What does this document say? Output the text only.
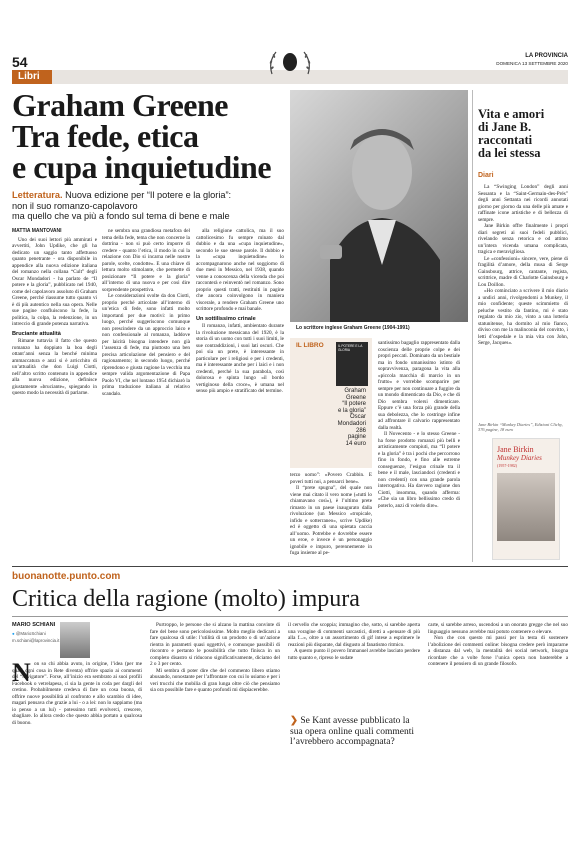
54	LA PROVINCIA
DOMENICA 13 SETTEMBRE 2020
Libri
Graham Greene
Tra fede, etica
e cupa inquietudine
Letteratura. Nuova edizione per “Il potere e la gloria”:
non il suo romanzo-capolavoro
ma quello che va più a fondo sul tema di bene e male
Lo scrittore inglese Graham Greene (1904-1991)
IL LIBRO	IL POTERE E LA GLORIA
Graham
Greene
“Il potere
e la gloria”
Oscar
Mondadori
286
pagine
14 euro
MATTIA MANTOVANI

Uno dei suoi lettori più ammirati e avvertiti, John Updike, che gli ha dedicato un saggio tanto affettuoso quanto penetrante - ora disponibile in appendice alla nuova edizione italiana del romanzo nella collana “Cult” degli Oscar Mondadori - ha parlato de “Il potere e la gloria”, pubblicato nel 1940, come del capolavoro assoluto di Graham Greene, perché riassume tutto quanto vi è di più autentico nella sua opera. Nelle sue pagine confluiscono la fede, la politica, la colpa, la redenzione, in un intreccio di grande potenza narrativa.

Bruciante attualità

Rimane tuttavia il fatto che questo romanzo ha doppiato la boa degli ottant’anni senza la benché minima ammaccatura e anzi si è arricchito di un’attualità che don Luigi Ciotti, nell’altro scritto contenuto in appendice alla nuova edizione, definisce giustamente «bruciante», spiegando in questo modo la necessità di parlarne.

ne sembra una grandiosa metafora del tema della fede, tema che non concerne la dottrina - non si può certo imporre di credere - quanto l’etica, il modo in cui la relazione con Dio si incarna nelle nostre parole, scelte, condotte». E una chiave di lettura molto stimolante, che permette di posizionare “Il potere e la gloria” all’interno di una nuova e per così dire sorprendente prospettiva.

Le considerazioni svolte da don Ciotti, proprio perché articolate all’interno di un’etica di fede, sono infatti molto importanti per due motivi: in primo luogo, perché suggeriscono comunque non prescindere da un approccio laico e non confessionale al romanzo, laddove per laicità bisogna intendere non già l’assenza di fede, ma piuttosto una ben precisa articolazione del pensiero e del ragionamento; in secondo luogo, perché riprendono e giusta ragione la vecchia ma sempre valida argomentazione di Papa Paolo VI, che nel lontano 1954 dichiarò la prima traduzione italiana al relativo scandalo.

alla religione cattolica, ma il suo cattolicesimo fu sempre minato dal dubbio e da una «cupa inquietudine», secondo le sue stesse parole. Il dubbio e la «cupa inquietudine» lo accompagnarono anche nel soggiorno di due mesi in Messico, nel 1938, quando venne a conoscenza della vicenda che poi racconterà e reinventò nel romanzo. Sono proprio questi tratti, restituiti in pagine che ancora coinvolgono in maniera viscerale, a rendere Graham Greene uno scrittore profondo e mai banale.

Un sottilissimo crinale

Il romanzo, infatti, ambientato durante la rivoluzione messicana del 1920, è la storia di un uomo con tutti i suoi limiti, le sue contraddizioni, i suoi lati oscuri. Che poi sia un prete, è interessante in particolare per i religiosi e per i credenti, ma è interessante anche per i laici e i non credenti, perché la sua parabola, così dolorosa e spinta lungo «il bordo vertiginoso della croce», è umana nel senso più ampio e stratificato del termine.

terzo uomo”: «Povero Crabbin. E poveri tutti noi, a pensarci bene».

Il “prete spugna”, del quale non viene mai citato il vero nome («tutti lo chiamavano così»), è l’ultimo prete rimasto in un paese inaugurato dalla rivoluzione (un Messico «tropicale, infido e sotterraneo», scrive Updike) ed è oggetto di una spietata caccia all’uomo. Potrebbe e dovrebbe essere un eroe, e invece è un personaggio ignobile e impuro, perennemente in fuga insieme al pe-

santissimo bagaglio rappresentato dalla coscienza delle proprie colpe e dei propri peccati. Dominato da un bestiale ma in fondo umanissimo istinto di sopravvivenza, paragona la vita alla «piccola macchia di marcio in un frutto» e vorrebbe scomparire per sempre per non continuare a fuggire da un mondo dimenticato da Dio, e che di Dio sembra volersi dimenticare. Eppure c’è una forza più grande della sua debolezza, che lo costringe infine ad affrontare il calvario rappresentato dalla realtà.

Il Novecento - e lo stesso Greene - ha forse prodotto romanzi più belli e artisticamente compiuti, ma “Il potere e la gloria” è tra i pochi che percorrono fino in fondo, e fino alle estreme conseguenze, l’esiguo crinale tra il bene e il male, lasciandoci (credenti e non credenti) con una grande parola interrogativa. Ha davvero ragione don Ciotti, insomma, quando afferma: «Che sia un libro bellissimo credo di poterlo, anzi di volerlo dire».

Vita e amori
di Jane B.
raccontati
da lei stessa
Diari

La “Swinging London” degli anni Sessanta e la “Saint-Germain-des-Prés” degli anni Settanta nei ricordi annotati giorno per giorno da una delle più amate e raffinate icone artistiche e di bellezza di sempre.

Jane Birkin offre finalmente i propri diari segreti ai suoi fedeli pubblici, rivelando senza retorica e od attimo un’intera vicenda umana complicata, tragica e meravigliosa.

Le «confessioni» sincere, vere, piene di fragilità d’amore, della musa di Serge Gainsbourg, attrice, cantante, regista, scrittrice, madre di Charlotte Gainsbourg e Lou Doillon.

«Ho cominciato a scrivere il mio diario a undici anni, rivolgendomi a Munkey, il mio confidente; queste scimmietto di peluche vestito da fantino, mi è stato regalato da mio zio, vinto a una lotteria statunitense, ha dormito al mio fianco, diviso con me la malinconia del convitto, i letti d’ospedale e la mia vita con John, Serge, Jacques».

Jane Birkin “Munkey Diaries”, Edizioni Clichy, 376 pagine, 18 euro
Jane Birkin
Munkey Diaries
(1957-1982)
buonanotte.punto.com
Critica della ragione (molto) impura
MARIO SCHIANI
● @MarioSchiani
m.schiani@laprovincia.it
N on so chi abbia avuto, in origine, l’idea (per me quasi ogni cosa in Rete diventa) offrire spazio ai commenti del “navigatore”. Forse, all’inizio era sembrato ai suoi profili Facebook o vetrelapesa, ci sia la gente in coda per dargli del cretino. Probabilmente credeva di fare un cosa buona, di offrire nuove possibilità al confronto e allo scambio di idee, magari pensava che grazie a lui - o a lei: non lo sappiamo (ma io penso a un lui) - potessimo tutti evolverci, crescere, sbagliare. Io allora credo che questo abbia portato a qualcosa di buono.

Purtroppo, le persone che si alzano la mattina convinte di fare del bene sono pericolosissime. Molto meglio dedicarsi a fare qualcosa di utile: l’utilità di un prodotto o di un’azione rientra in parametri quasi oggettivi, e comunque passibili di riscontro e pertanto le possibilità che tutto finisca in un completo disastro si riducono significativamente, diciamo del 2 o 3 per cento.

Mi sembra di poter dire che del commento libero stiamo abusando, nonostante per l’affrontare con cui lo usiamo e per i veri trucchi che mobilia di gran lunga oltre ciò che pensiamo sia ora possibile fare e quanto profondi mi dispiacerebbe.

il cervello che scoppia; immagino che, sotto, si sarebbe aperta una voragine di commenti sarcastici, diretti a «pensare di più alla f...», oltre a un assortimento di gif intese a esprimere le reazioni più disparate, dal disgusto al fanatismo ritmico.

A questo punto il povero Immanuel avrebbe lasciato perdere tutto quanto e, ripreso le sudate

❯ Se Kant avesse pubblicato la sua opera online quali commenti l’avrebbero accompagnata?

carte, si sarebbe arreso, uscendosi a un onorato gregge che nel suo linguaggio nessuno avrebbe mai potuto contenere o elevare.

Non che con questo mi passi per la testa di sostenere l’abolizione dei commenti online: bisogna credere però impararne a distanza dal web, la mentalità dei social network, bisogna ricordare che a volte forse l’unica opera non basterebbe a contenere il pensiero di un grande filosofo.
